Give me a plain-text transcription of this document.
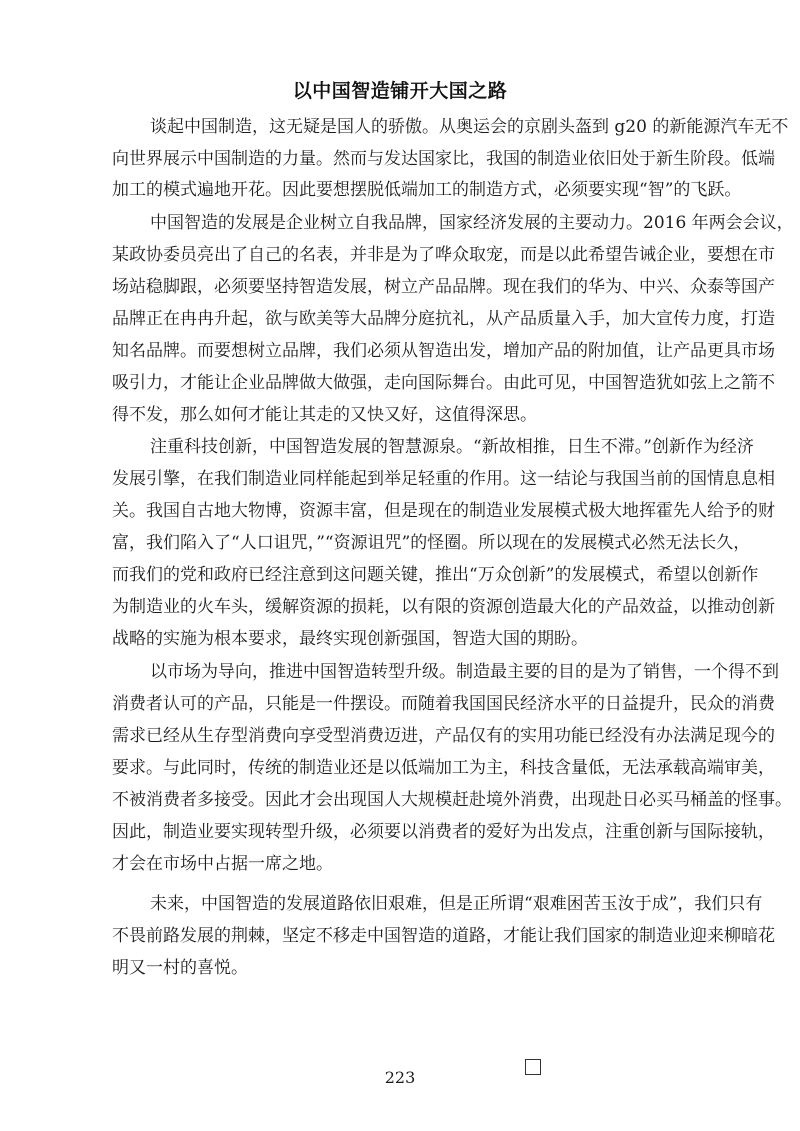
以中国智造铺开大国之路
谈起中国制造，这无疑是国人的骄傲。从奥运会的京剧头盔到 g20 的新能源汽车无不
向世界展示中国制造的力量。然而与发达国家比，我国的制造业依旧处于新生阶段。低端
加工的模式遍地开花。因此要想摆脱低端加工的制造方式，必须要实现“智”的飞跃。
中国智造的发展是企业树立自我品牌，国家经济发展的主要动力。2016 年两会会议，
某政协委员亮出了自己的名表，并非是为了哗众取宠，而是以此希望告诫企业，要想在市
场站稳脚跟，必须要坚持智造发展，树立产品品牌。现在我们的华为、中兴、众泰等国产
品牌正在冉冉升起，欲与欧美等大品牌分庭抗礼，从产品质量入手，加大宣传力度，打造
知名品牌。而要想树立品牌，我们必须从智造出发，增加产品的附加值，让产品更具市场
吸引力，才能让企业品牌做大做强，走向国际舞台。由此可见，中国智造犹如弦上之箭不
得不发，那么如何才能让其走的又快又好，这值得深思。
注重科技创新，中国智造发展的智慧源泉。“新故相推，日生不滞。”创新作为经济
发展引擎，在我们制造业同样能起到举足轻重的作用。这一结论与我国当前的国情息息相
关。我国自古地大物博，资源丰富，但是现在的制造业发展模式极大地挥霍先人给予的财
富，我们陷入了“人口诅咒，”“资源诅咒”的怪圈。所以现在的发展模式必然无法长久，
而我们的党和政府已经注意到这问题关键，推出“万众创新”的发展模式，希望以创新作
为制造业的火车头，缓解资源的损耗，以有限的资源创造最大化的产品效益，以推动创新
战略的实施为根本要求，最终实现创新强国，智造大国的期盼。
以市场为导向，推进中国智造转型升级。制造最主要的目的是为了销售，一个得不到
消费者认可的产品，只能是一件摆设。而随着我国国民经济水平的日益提升，民众的消费
需求已经从生存型消费向享受型消费迈进，产品仅有的实用功能已经没有办法满足现今的
要求。与此同时，传统的制造业还是以低端加工为主，科技含量低，无法承载高端审美，
不被消费者多接受。因此才会出现国人大规模赶赴境外消费，出现赴日必买马桶盖的怪事。
因此，制造业要实现转型升级，必须要以消费者的爱好为出发点，注重创新与国际接轨，
才会在市场中占据一席之地。
未来，中国智造的发展道路依旧艰难，但是正所谓“艰难困苦玉汝于成”，我们只有
不畏前路发展的荆棘，坚定不移走中国智造的道路，才能让我们国家的制造业迎来柳暗花
明又一村的喜悦。
223
